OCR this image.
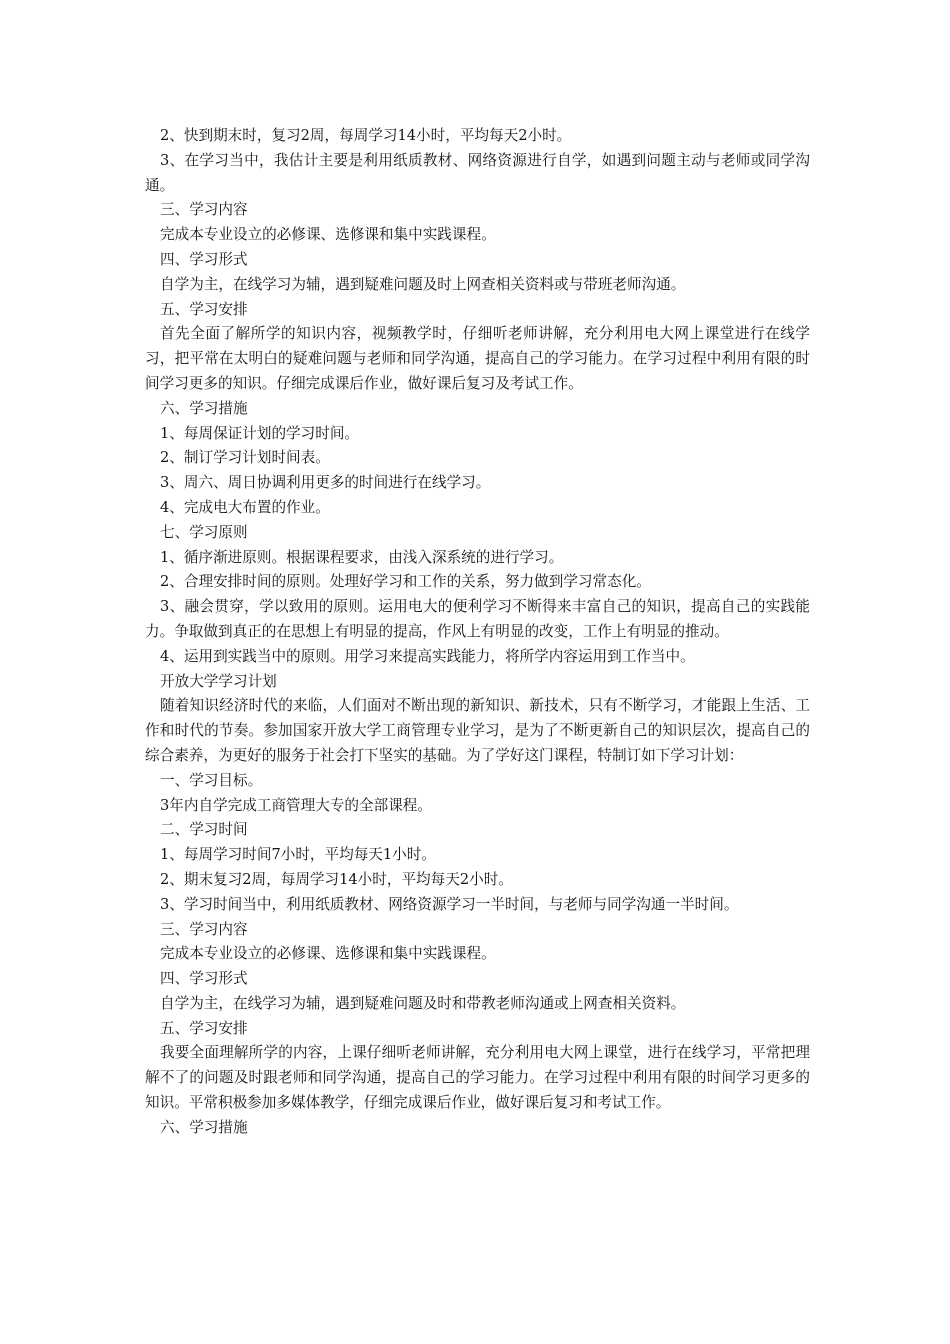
2、快到期末时，复习2周，每周学习14小时，平均每天2小时。

3、在学习当中，我估计主要是利用纸质教材、网络资源进行自学，如遇到问题主动与老师或同学沟通。

三、学习内容

完成本专业设立的必修课、选修课和集中实践课程。

四、学习形式

自学为主，在线学习为辅，遇到疑难问题及时上网查相关资料或与带班老师沟通。

五、学习安排

首先全面了解所学的知识内容，视频教学时，仔细听老师讲解，充分利用电大网上课堂进行在线学习，把平常在太明白的疑难问题与老师和同学沟通，提高自己的学习能力。在学习过程中利用有限的时间学习更多的知识。仔细完成课后作业，做好课后复习及考试工作。

六、学习措施

1、每周保证计划的学习时间。

2、制订学习计划时间表。

3、周六、周日协调利用更多的时间进行在线学习。

4、完成电大布置的作业。

七、学习原则

1、循序渐进原则。根据课程要求，由浅入深系统的进行学习。

2、合理安排时间的原则。处理好学习和工作的关系，努力做到学习常态化。

3、融会贯穿，学以致用的原则。运用电大的便利学习不断得来丰富自己的知识，提高自己的实践能力。争取做到真正的在思想上有明显的提高，作风上有明显的改变，工作上有明显的推动。

4、运用到实践当中的原则。用学习来提高实践能力，将所学内容运用到工作当中。

开放大学学习计划

随着知识经济时代的来临，人们面对不断出现的新知识、新技术，只有不断学习，才能跟上生活、工作和时代的节奏。参加国家开放大学工商管理专业学习，是为了不断更新自己的知识层次，提高自己的综合素养，为更好的服务于社会打下坚实的基础。为了学好这门课程，特制订如下学习计划：

一、学习目标。

3年内自学完成工商管理大专的全部课程。

二、学习时间

1、每周学习时间7小时，平均每天1小时。

2、期末复习2周，每周学习14小时，平均每天2小时。

3、学习时间当中，利用纸质教材、网络资源学习一半时间，与老师与同学沟通一半时间。

三、学习内容

完成本专业设立的必修课、选修课和集中实践课程。

四、学习形式

自学为主，在线学习为辅，遇到疑难问题及时和带教老师沟通或上网查相关资料。

五、学习安排

我要全面理解所学的内容，上课仔细听老师讲解，充分利用电大网上课堂，进行在线学习，平常把理解不了的问题及时跟老师和同学沟通，提高自己的学习能力。在学习过程中利用有限的时间学习更多的知识。平常积极参加多媒体教学，仔细完成课后作业，做好课后复习和考试工作。

六、学习措施
